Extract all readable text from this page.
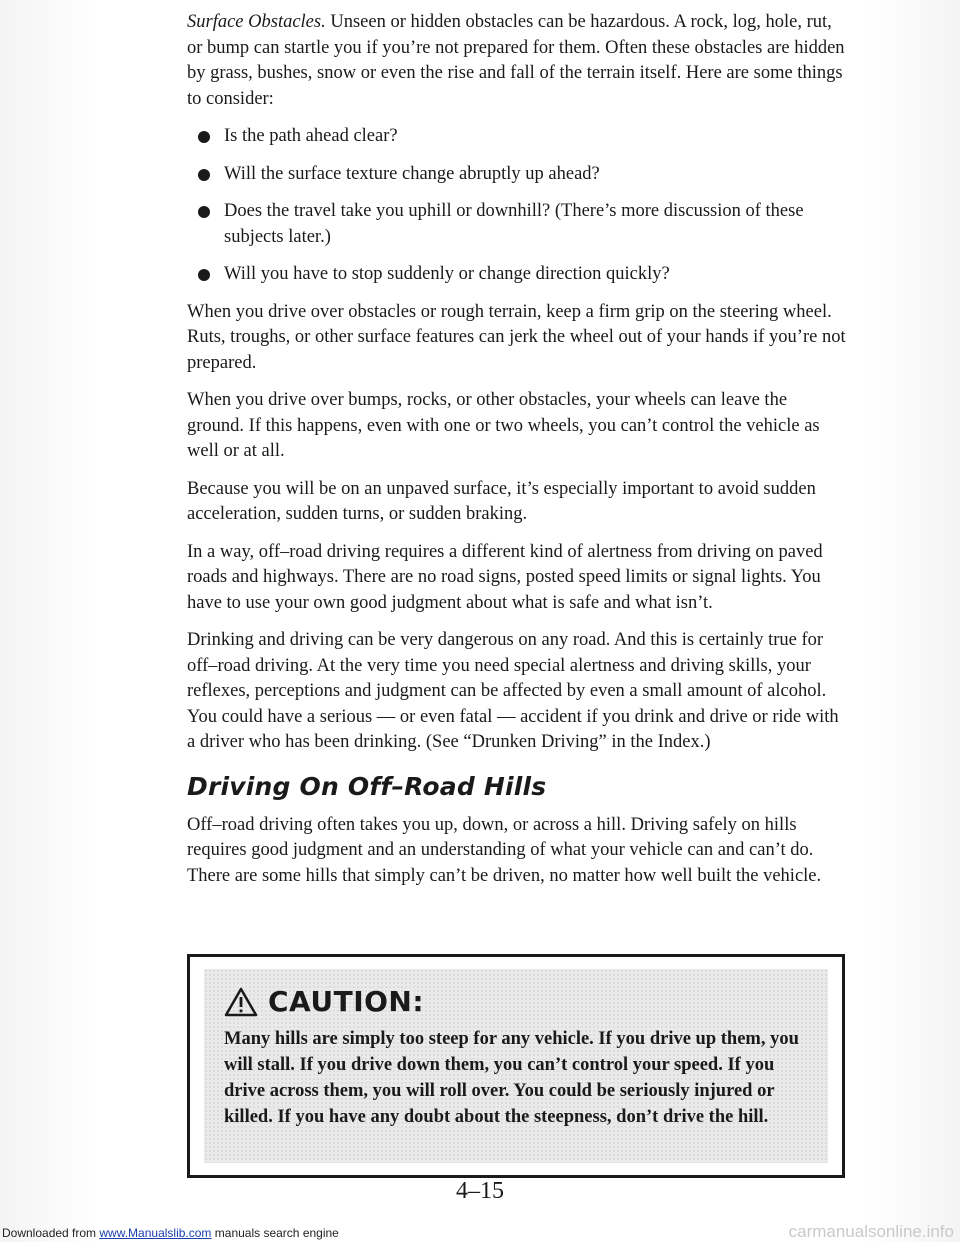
Surface Obstacles. Unseen or hidden obstacles can be hazardous. A rock, log, hole, rut, or bump can startle you if you’re not prepared for them. Often these obstacles are hidden by grass, bushes, snow or even the rise and fall of the terrain itself. Here are some things to consider:

Is the path ahead clear?
Will the surface texture change abruptly up ahead?
Does the travel take you uphill or downhill? (There’s more discussion of these subjects later.)
Will you have to stop suddenly or change direction quickly?

When you drive over obstacles or rough terrain, keep a firm grip on the steering wheel. Ruts, troughs, or other surface features can jerk the wheel out of your hands if you’re not prepared.

When you drive over bumps, rocks, or other obstacles, your wheels can leave the ground. If this happens, even with one or two wheels, you can’t control the vehicle as well or at all.

Because you will be on an unpaved surface, it’s especially important to avoid sudden acceleration, sudden turns, or sudden braking.

In a way, off–road driving requires a different kind of alertness from driving on paved roads and highways. There are no road signs, posted speed limits or signal lights. You have to use your own good judgment about what is safe and what isn’t.

Drinking and driving can be very dangerous on any road. And this is certainly true for off–road driving. At the very time you need special alertness and driving skills, your reflexes, perceptions and judgment can be affected by even a small amount of alcohol. You could have a serious — or even fatal — accident if you drink and drive or ride with a driver who has been drinking. (See “Drunken Driving” in the Index.)

Driving On Off–Road Hills

Off–road driving often takes you up, down, or across a hill. Driving safely on hills requires good judgment and an understanding of what your vehicle can and can’t do. There are some hills that simply can’t be driven, no matter how well built the vehicle.

CAUTION:

Many hills are simply too steep for any vehicle. If you drive up them, you will stall. If you drive down them, you can’t control your speed. If you drive across them, you will roll over. You could be seriously injured or killed. If you have any doubt about the steepness, don’t drive the hill.

4–15
Downloaded from www.Manualslib.com manuals search engine	carmanualsonline.info
